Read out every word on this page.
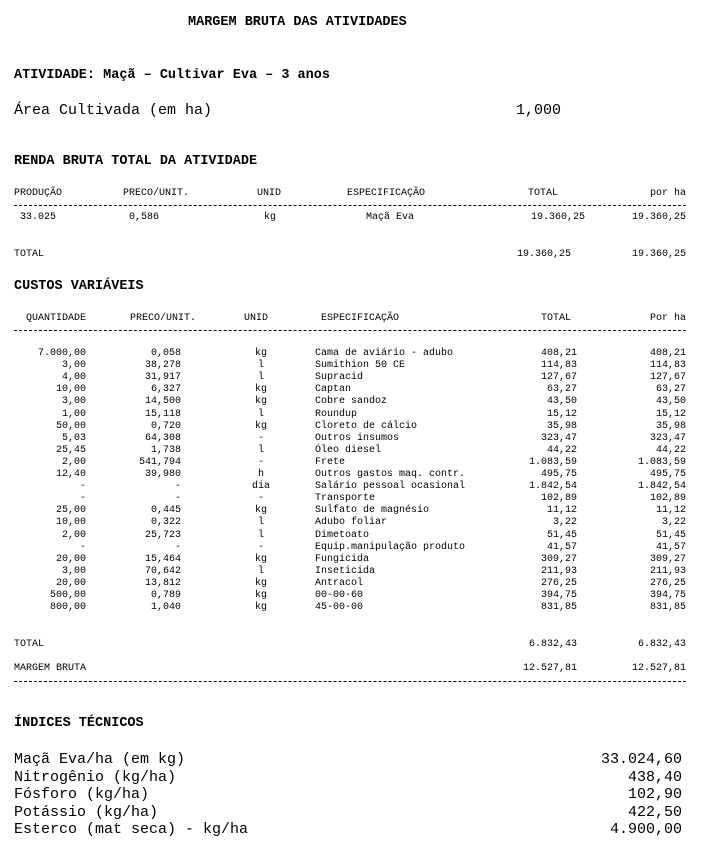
MARGEM BRUTA DAS ATIVIDADES
ATIVIDADE: Maçã – Cultivar Eva – 3 anos
Área Cultivada (em ha)	1,000
RENDA BRUTA TOTAL DA ATIVIDADE
PRODUÇÃO	PRECO/UNIT.	UNID	ESPECIFICAÇÃO	TOTAL	por ha
33.025	0,586	kg	Maçã Eva	19.360,25	19.360,25
TOTAL	19.360,25	19.360,25
CUSTOS VARIÁVEIS
QUANTIDADE	PRECO/UNIT.	UNID	ESPECIFICAÇÃO	TOTAL	Por ha
7.000,00	0,058	kg	Cama de aviário - adubo	408,21	408,21
3,00	38,278	l	Sumithion 50 CE	114,83	114,83
4,00	31,917	l	Supracid	127,67	127,67
10,00	6,327	kg	Captan	63,27	63,27
3,00	14,500	kg	Cobre sandoz	43,50	43,50
1,00	15,118	l	Roundup	15,12	15,12
50,00	0,720	kg	Cloreto de cálcio	35,98	35,98
5,03	64,308	-	Outros insumos	323,47	323,47
25,45	1,738	l	Óleo diesel	44,22	44,22
2,00	541,794	-	Frete	1.083,59	1.083,59
12,40	39,980	h	Outros gastos maq. contr.	495,75	495,75
-	-	dia	Salário pessoal ocasional	1.842,54	1.842,54
-	-	-	Transporte	102,89	102,89
25,00	0,445	kg	Sulfato de magnésio	11,12	11,12
10,00	0,322	l	Adubo foliar	3,22	3,22
2,00	25,723	l	Dimetoato	51,45	51,45
-	-	-	Equip.manipulação produto	41,57	41,57
20,00	15,464	kg	Fungicida	309,27	309,27
3,00	70,642	l	Inseticida	211,93	211,93
20,00	13,812	kg	Antracol	276,25	276,25
500,00	0,789	kg	00-00-60	394,75	394,75
800,00	1,040	kg	45-00-00	831,85	831,85
TOTAL	6.832,43	6.832,43
MARGEM BRUTA	12.527,81	12.527,81
ÍNDICES TÉCNICOS
Maçã Eva/ha (em kg)	33.024,60
Nitrogênio (kg/ha)	438,40
Fósforo (kg/ha)	102,90
Potássio (kg/ha)	422,50
Esterco (mat seca) - kg/ha	4.900,00
